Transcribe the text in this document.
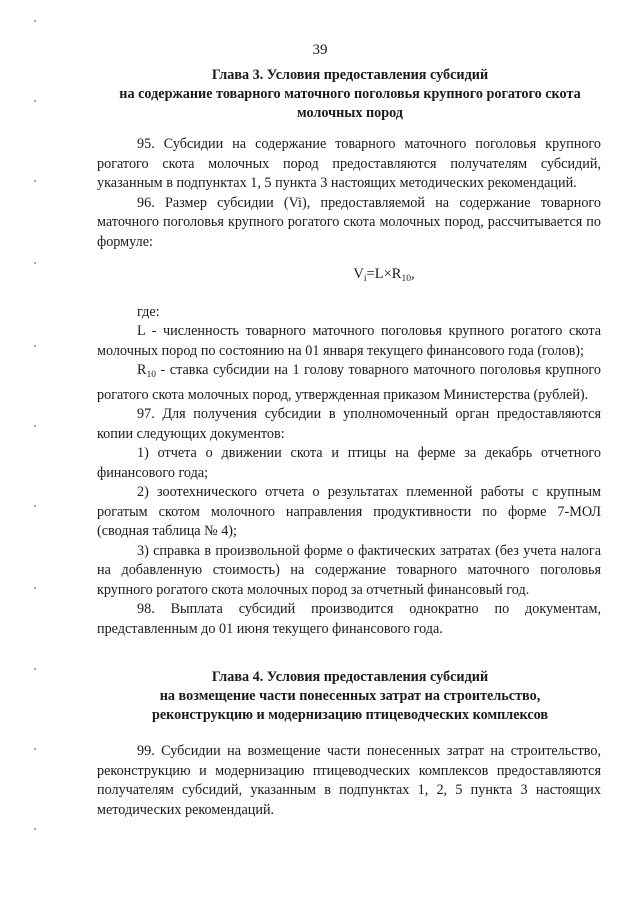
39
Глава 3. Условия предоставления субсидий
на содержание товарного маточного поголовья крупного рогатого скота
молочных пород

95. Субсидии на содержание товарного маточного поголовья крупного рогатого скота молочных пород предоставляются получателям субсидий, указанным в подпунктах 1, 5 пункта 3 настоящих методических рекомендаций.

96. Размер субсидии (Vi), предоставляемой на содержание товарного маточного поголовья крупного рогатого скота молочных пород, рассчитывается по формуле:

$V_i=L\times R_{10}$,

где:

L - численность товарного маточного поголовья крупного рогатого скота молочных пород по состоянию на 01 января текущего финансового года (голов);

$R_{10}$ - ставка субсидии на 1 голову товарного маточного поголовья крупного рогатого скота молочных пород, утвержденная приказом Министерства (рублей).

97. Для получения субсидии в уполномоченный орган предоставляются копии следующих документов:

1) отчета о движении скота и птицы на ферме за декабрь отчетного финансового года;

2) зоотехнического отчета о результатах племенной работы с крупным рогатым скотом молочного направления продуктивности по форме 7-МОЛ (сводная таблица № 4);

3) справка в произвольной форме о фактических затратах (без учета налога на добавленную стоимость) на содержание товарного маточного поголовья крупного рогатого скота молочных пород за отчетный финансовый год.

98. Выплата субсидий производится однократно по документам, представленным до 01 июня текущего финансового года.

Глава 4. Условия предоставления субсидий
на возмещение части понесенных затрат на строительство,
реконструкцию и модернизацию птицеводческих комплексов

99. Субсидии на возмещение части понесенных затрат на строительство, реконструкцию и модернизацию птицеводческих комплексов предоставляются получателям субсидий, указанным в подпунктах 1, 2, 5 пункта 3 настоящих методических рекомендаций.
